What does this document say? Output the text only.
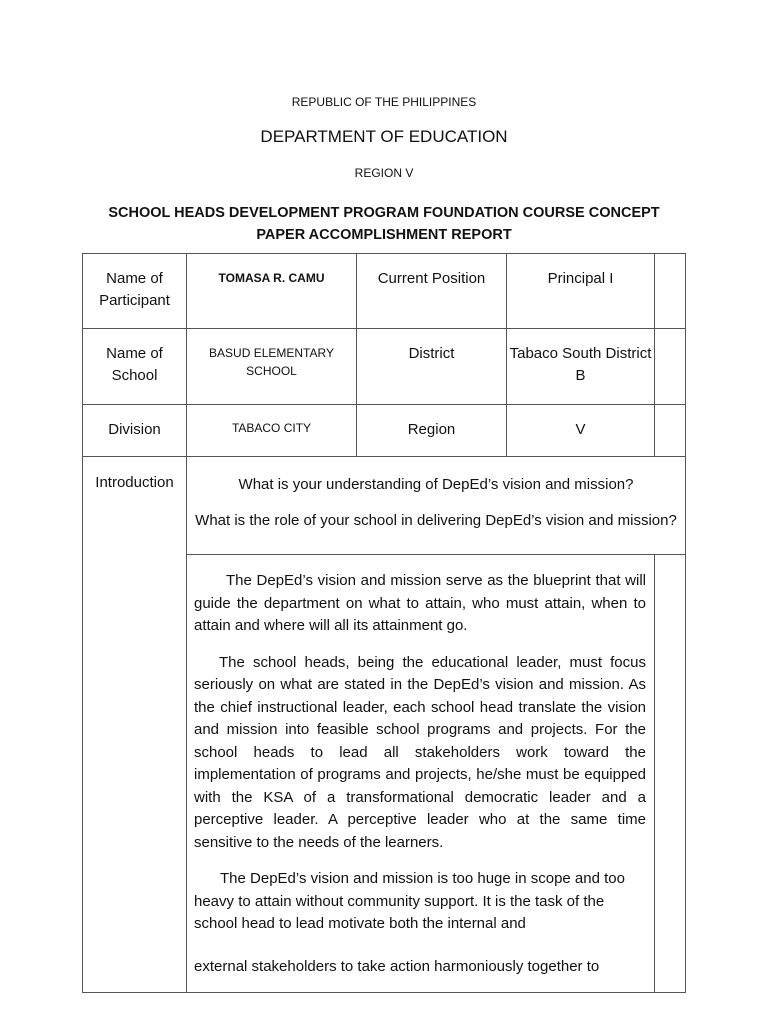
REPUBLIC OF THE PHILIPPINES
DEPARTMENT OF EDUCATION
REGION V
SCHOOL HEADS DEVELOPMENT PROGRAM FOUNDATION COURSE CONCEPT
PAPER ACCOMPLISHMENT REPORT
Name of Participant	TOMASA R. CAMU	Current Position	Principal I	
Name of School	BASUD ELEMENTARY SCHOOL	District	Tabaco South District B	
Division	TABACO CITY	Region	V	
Introduction	What is your understanding of DepEd’s vision and mission?

What is the role of your school in delivering DepEd’s vision and mission?			

	The DepEd’s vision and mission serve as the blueprint that will guide the department on what to attain, who must attain, when to attain and where will all its attainment go.

The school heads, being the educational leader, must focus seriously on what are stated in the DepEd’s vision and mission. As the chief instructional leader, each school head translate the vision and mission into feasible school programs and projects. For the school heads to lead all stakeholders work toward the implementation of programs and projects, he/she must be equipped with the KSA of a transformational democratic leader and a perceptive leader. A perceptive leader who at the same time sensitive to the needs of the learners.

The DepEd’s vision and mission is too huge in scope and too heavy to attain without community support. It is the task of the school head to lead motivate both the internal and

external stakeholders to take action harmoniously together to			
